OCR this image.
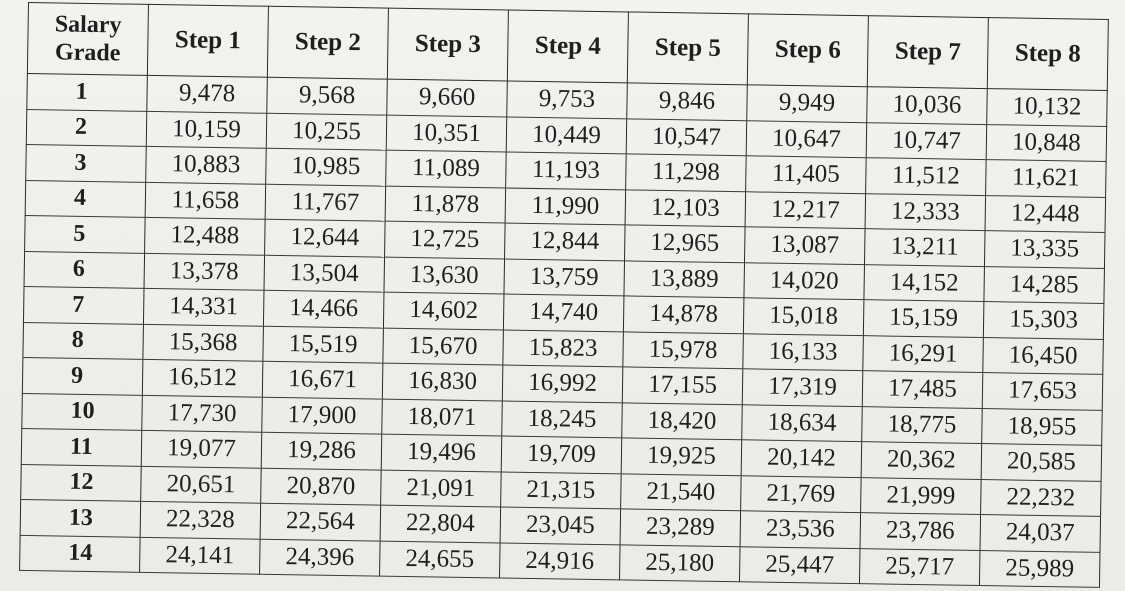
Salary
Grade	Step 1	Step 2	Step 3	Step 4	Step 5	Step 6	Step 7	Step 8
1	9,478	9,568	9,660	9,753	9,846	9,949	10,036	10,132
2	10,159	10,255	10,351	10,449	10,547	10,647	10,747	10,848
3	10,883	10,985	11,089	11,193	11,298	11,405	11,512	11,621
4	11,658	11,767	11,878	11,990	12,103	12,217	12,333	12,448
5	12,488	12,644	12,725	12,844	12,965	13,087	13,211	13,335
6	13,378	13,504	13,630	13,759	13,889	14,020	14,152	14,285
7	14,331	14,466	14,602	14,740	14,878	15,018	15,159	15,303
8	15,368	15,519	15,670	15,823	15,978	16,133	16,291	16,450
9	16,512	16,671	16,830	16,992	17,155	17,319	17,485	17,653
10	17,730	17,900	18,071	18,245	18,420	18,634	18,775	18,955
11	19,077	19,286	19,496	19,709	19,925	20,142	20,362	20,585
12	20,651	20,870	21,091	21,315	21,540	21,769	21,999	22,232
13	22,328	22,564	22,804	23,045	23,289	23,536	23,786	24,037
14	24,141	24,396	24,655	24,916	25,180	25,447	25,717	25,989
